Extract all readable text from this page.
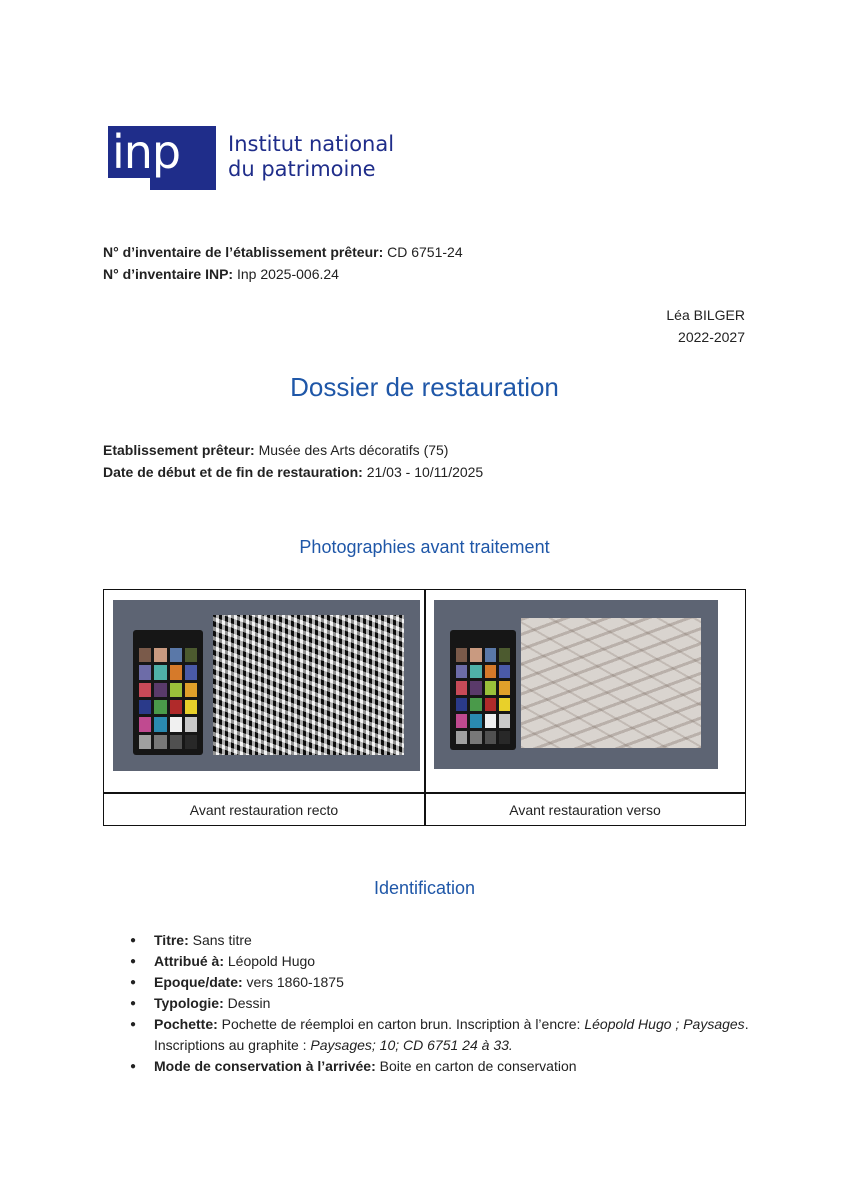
inp Institut national
du patrimoine
N° d’inventaire de l’établissement prêteur: CD 6751-24
N° d’inventaire INP: Inp 2025-006.24
Léa BILGER
2022-2027
Dossier de restauration
Etablissement prêteur: Musée des Arts décoratifs (75)
Date de début et de fin de restauration: 21/03 - 10/11/2025
Photographies avant traitement
Avant restauration recto	Avant restauration verso
Identification
● Titre: Sans titre
● Attribué à: Léopold Hugo
● Epoque/date: vers 1860-1875
● Typologie: Dessin
● Pochette: Pochette de réemploi en carton brun. Inscription à l’encre: Léopold Hugo ; Paysages. Inscriptions au graphite : Paysages; 10; CD 6751 24 à 33.
● Mode de conservation à l’arrivée: Boite en carton de conservation
